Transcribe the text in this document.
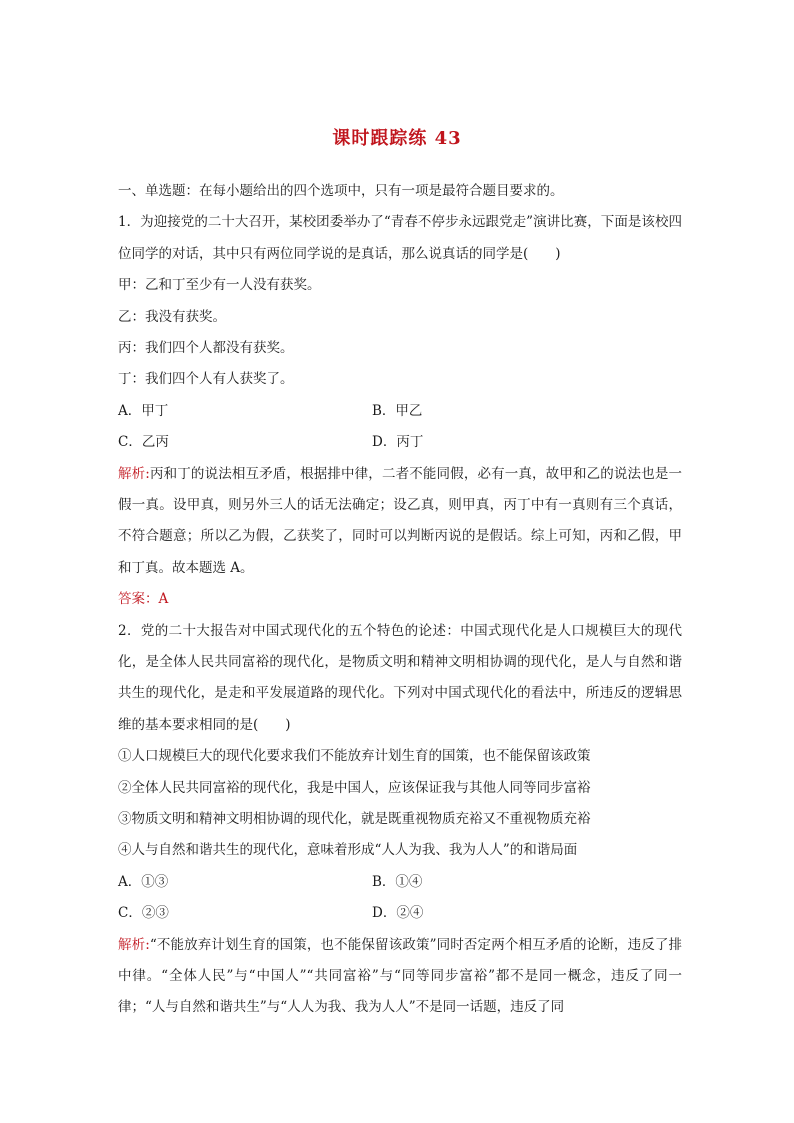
课时跟踪练 43
一、单选题：在每小题给出的四个选项中，只有一项是最符合题目要求的。
1．为迎接党的二十大召开，某校团委举办了“青春不停步永远跟党走”演讲比赛，下面是该校四位同学的对话，其中只有两位同学说的是真话，那么说真话的同学是(　　)
甲：乙和丁至少有一人没有获奖。
乙：我没有获奖。
丙：我们四个人都没有获奖。
丁：我们四个人有人获奖了。
A．甲丁	B．甲乙
C．乙丙	D．丙丁
解析:丙和丁的说法相互矛盾，根据排中律，二者不能同假，必有一真，故甲和乙的说法也是一假一真。设甲真，则另外三人的话无法确定；设乙真，则甲真，丙丁中有一真则有三个真话，不符合题意；所以乙为假，乙获奖了，同时可以判断丙说的是假话。综上可知，丙和乙假，甲和丁真。故本题选 A。
答案：A
2．党的二十大报告对中国式现代化的五个特色的论述：中国式现代化是人口规模巨大的现代化，是全体人民共同富裕的现代化，是物质文明和精神文明相协调的现代化，是人与自然和谐共生的现代化，是走和平发展道路的现代化。下列对中国式现代化的看法中，所违反的逻辑思维的基本要求相同的是(　　)
①人口规模巨大的现代化要求我们不能放弃计划生育的国策，也不能保留该政策
②全体人民共同富裕的现代化，我是中国人，应该保证我与其他人同等同步富裕
③物质文明和精神文明相协调的现代化，就是既重视物质充裕又不重视物质充裕
④人与自然和谐共生的现代化，意味着形成“人人为我、我为人人”的和谐局面
A．①③	B．①④
C．②③	D．②④
解析:“不能放弃计划生育的国策，也不能保留该政策”同时否定两个相互矛盾的论断，违反了排中律。“全体人民”与“中国人”“共同富裕”与“同等同步富裕”都不是同一概念，违反了同一律；“人与自然和谐共生”与“人人为我、我为人人”不是同一话题，违反了同
